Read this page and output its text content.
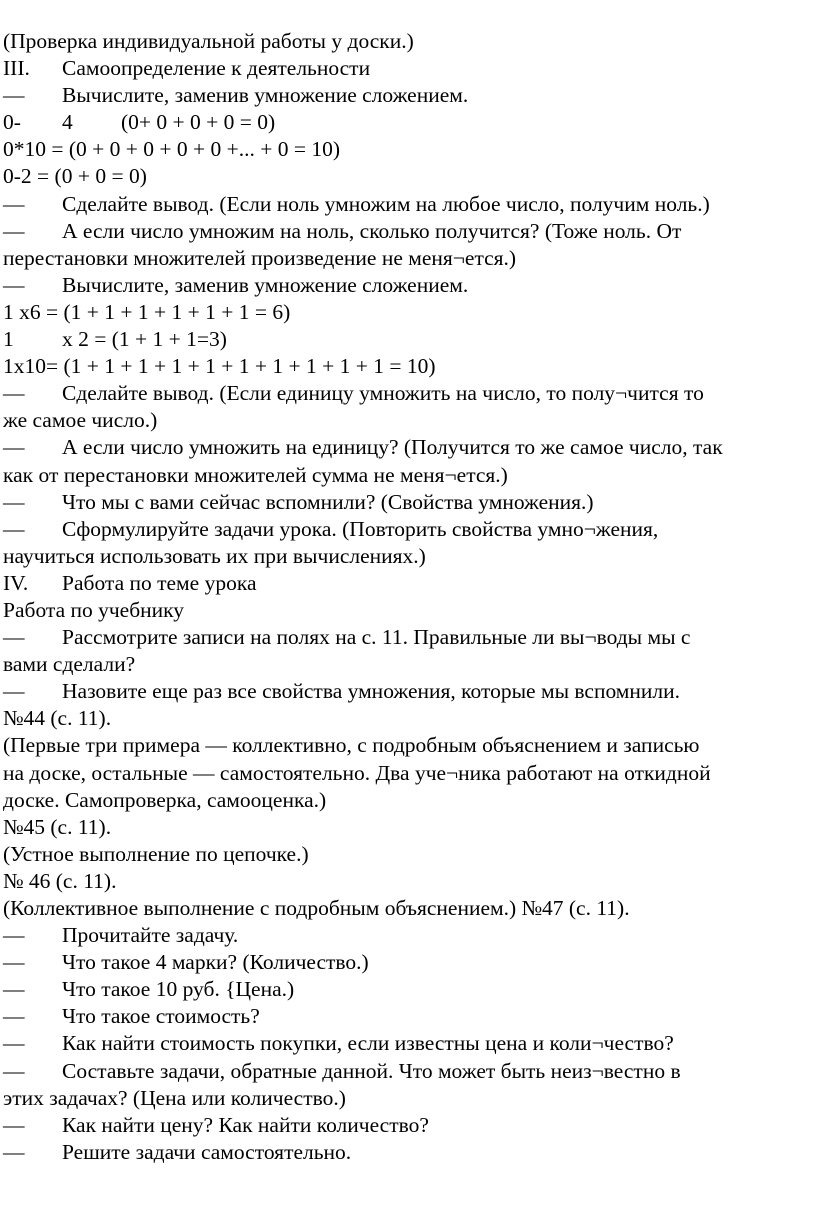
(Проверка индивидуальной работы у доски.)
III. Самоопределение к деятельности
— Вычислите, заменив умножение сложением.
0- 4 (0+ 0 + 0 + 0 = 0)
0*10 = (0 + 0 + 0 + 0 + 0 +... + 0 = 10)
0-2 = (0 + 0 = 0)
— Сделайте вывод. (Если ноль умножим на любое число, получим ноль.)
— А если число умножим на ноль, сколько получится? (Тоже ноль. От
перестановки множителей произведение не меня¬ется.)
— Вычислите, заменив умножение сложением.
1 х6 = (1 + 1 + 1 + 1 + 1 + 1 = 6)
1 х 2 = (1 + 1 + 1=3)
1х10= (1 + 1 + 1 + 1 + 1 + 1 + 1 + 1 + 1 + 1 = 10)
— Сделайте вывод. (Если единицу умножить на число, то полу¬чится то
же самое число.)
— А если число умножить на единицу? (Получится то же самое число, так
как от перестановки множителей сумма не меня¬ется.)
— Что мы с вами сейчас вспомнили? (Свойства умножения.)
— Сформулируйте задачи урока. (Повторить свойства умно¬жения,
научиться использовать их при вычислениях.)
IV. Работа по теме урока
Работа по учебнику
— Рассмотрите записи на полях на с. 11. Правильные ли вы¬воды мы с
вами сделали?
— Назовите еще раз все свойства умножения, которые мы вспомнили.
№44 (с. 11).
(Первые три примера — коллективно, с подробным объяснением и записью
на доске, остальные — самостоятельно. Два уче¬ника работают на откидной
доске. Самопроверка, самооценка.)
№45 (с. 11).
(Устное выполнение по цепочке.)
№ 46 (с. 11).
(Коллективное выполнение с подробным объяснением.) №47 (с. 11).
— Прочитайте задачу.
— Что такое 4 марки? (Количество.)
— Что такое 10 руб. {Цена.)
— Что такое стоимость?
— Как найти стоимость покупки, если известны цена и коли¬чество?
— Составьте задачи, обратные данной. Что может быть неиз¬вестно в
этих задачах? (Цена или количество.)
— Как найти цену? Как найти количество?
— Решите задачи самостоятельно.
